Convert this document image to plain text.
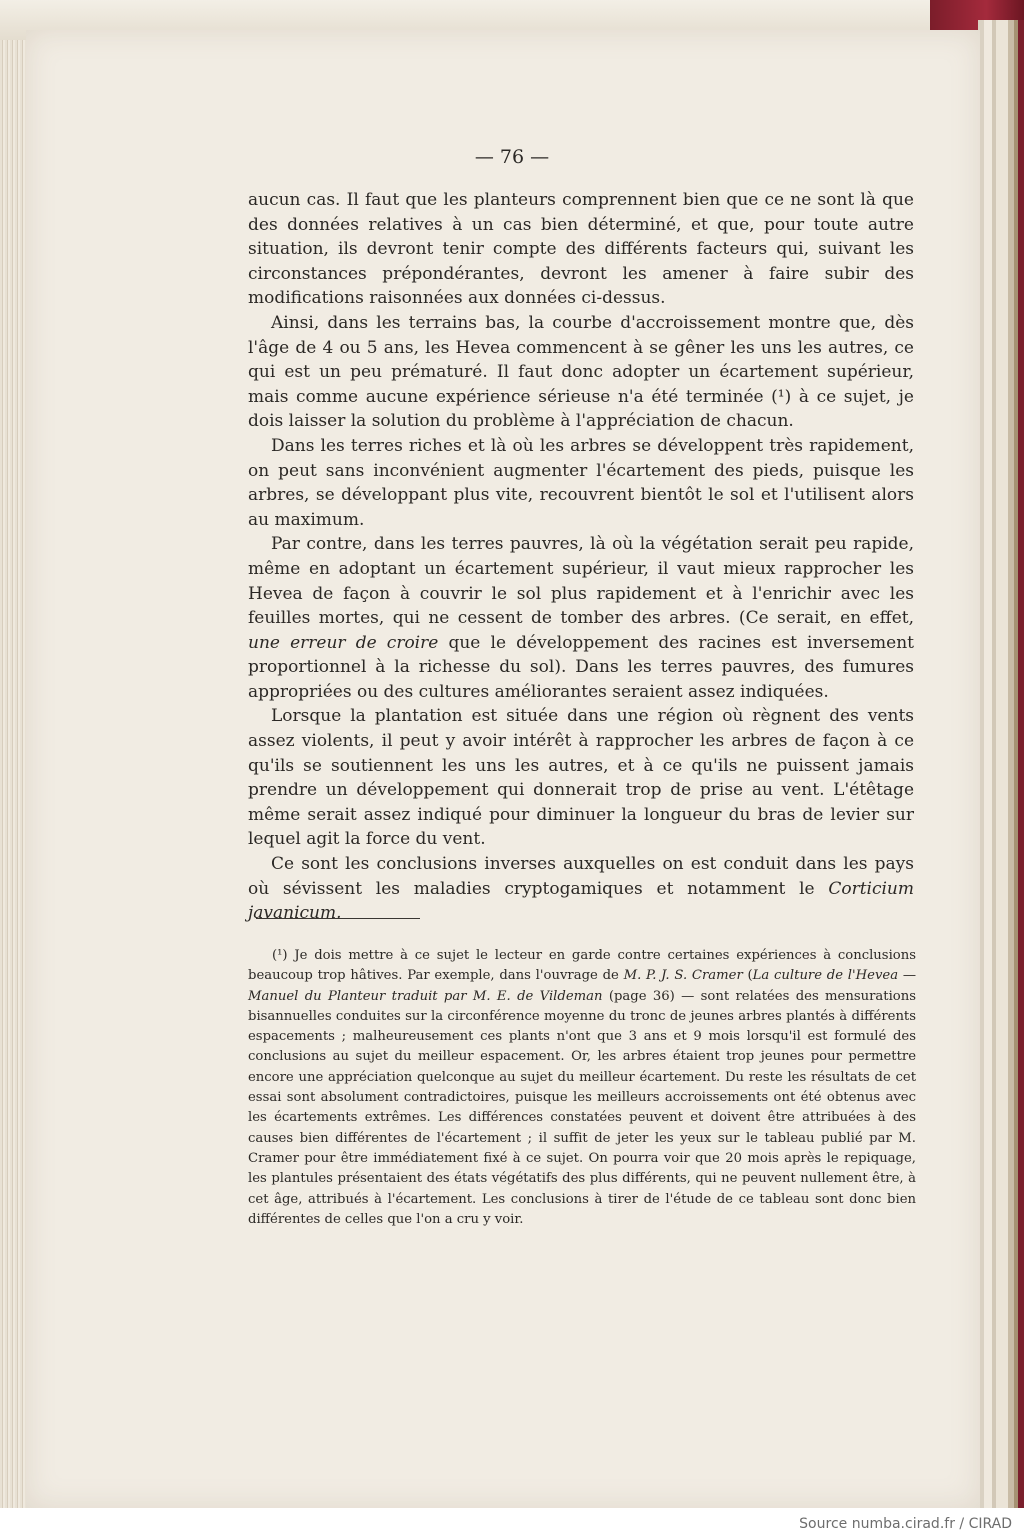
— 76 —

aucun cas. Il faut que les planteurs comprennent bien que ce ne sont là que des données relatives à un cas bien déterminé, et que, pour toute autre situation, ils devront tenir compte des différents facteurs qui, suivant les circonstances prépondérantes, devront les amener à faire subir des modifications raisonnées aux données ci-dessus.

Ainsi, dans les terrains bas, la courbe d'accroissement montre que, dès l'âge de 4 ou 5 ans, les Hevea commencent à se gêner les uns les autres, ce qui est un peu prématuré. Il faut donc adopter un écartement supérieur, mais comme aucune expérience sérieuse n'a été terminée (¹) à ce sujet, je dois laisser la solution du problème à l'appréciation de chacun.

Dans les terres riches et là où les arbres se développent très rapidement, on peut sans inconvénient augmenter l'écartement des pieds, puisque les arbres, se développant plus vite, recouvrent bientôt le sol et l'utilisent alors au maximum.

Par contre, dans les terres pauvres, là où la végétation serait peu rapide, même en adoptant un écartement supérieur, il vaut mieux rapprocher les Hevea de façon à couvrir le sol plus rapidement et à l'enrichir avec les feuilles mortes, qui ne cessent de tomber des arbres. (Ce serait, en effet, une erreur de croire que le développement des racines est inversement proportionnel à la richesse du sol). Dans les terres pauvres, des fumures appropriées ou des cultures améliorantes seraient assez indiquées.

Lorsque la plantation est située dans une région où règnent des vents assez violents, il peut y avoir intérêt à rapprocher les arbres de façon à ce qu'ils se soutiennent les uns les autres, et à ce qu'ils ne puissent jamais prendre un développement qui donnerait trop de prise au vent. L'étêtage même serait assez indiqué pour diminuer la longueur du bras de levier sur lequel agit la force du vent.

Ce sont les conclusions inverses auxquelles on est conduit dans les pays où sévissent les maladies cryptogamiques et notamment le Corticium javanicum.

(¹) Je dois mettre à ce sujet le lecteur en garde contre certaines expériences à conclusions beaucoup trop hâtives. Par exemple, dans l'ouvrage de M. P. J. S. Cramer (La culture de l'Hevea — Manuel du Planteur traduit par M. E. de Vildeman (page 36) — sont relatées des mensurations bisannuelles conduites sur la circonférence moyenne du tronc de jeunes arbres plantés à différents espacements ; malheureusement ces plants n'ont que 3 ans et 9 mois lorsqu'il est formulé des conclusions au sujet du meilleur espacement. Or, les arbres étaient trop jeunes pour permettre encore une appréciation quelconque au sujet du meilleur écartement. Du reste les résultats de cet essai sont absolument contradictoires, puisque les meilleurs accroissements ont été obtenus avec les écartements extrêmes. Les différences constatées peuvent et doivent être attribuées à des causes bien différentes de l'écartement ; il suffit de jeter les yeux sur le tableau publié par M. Cramer pour être immédiatement fixé à ce sujet. On pourra voir que 20 mois après le repiquage, les plantules présentaient des états végétatifs des plus différents, qui ne peuvent nullement être, à cet âge, attribués à l'écartement. Les conclusions à tirer de l'étude de ce tableau sont donc bien différentes de celles que l'on a cru y voir.
Source numba.cirad.fr / CIRAD
